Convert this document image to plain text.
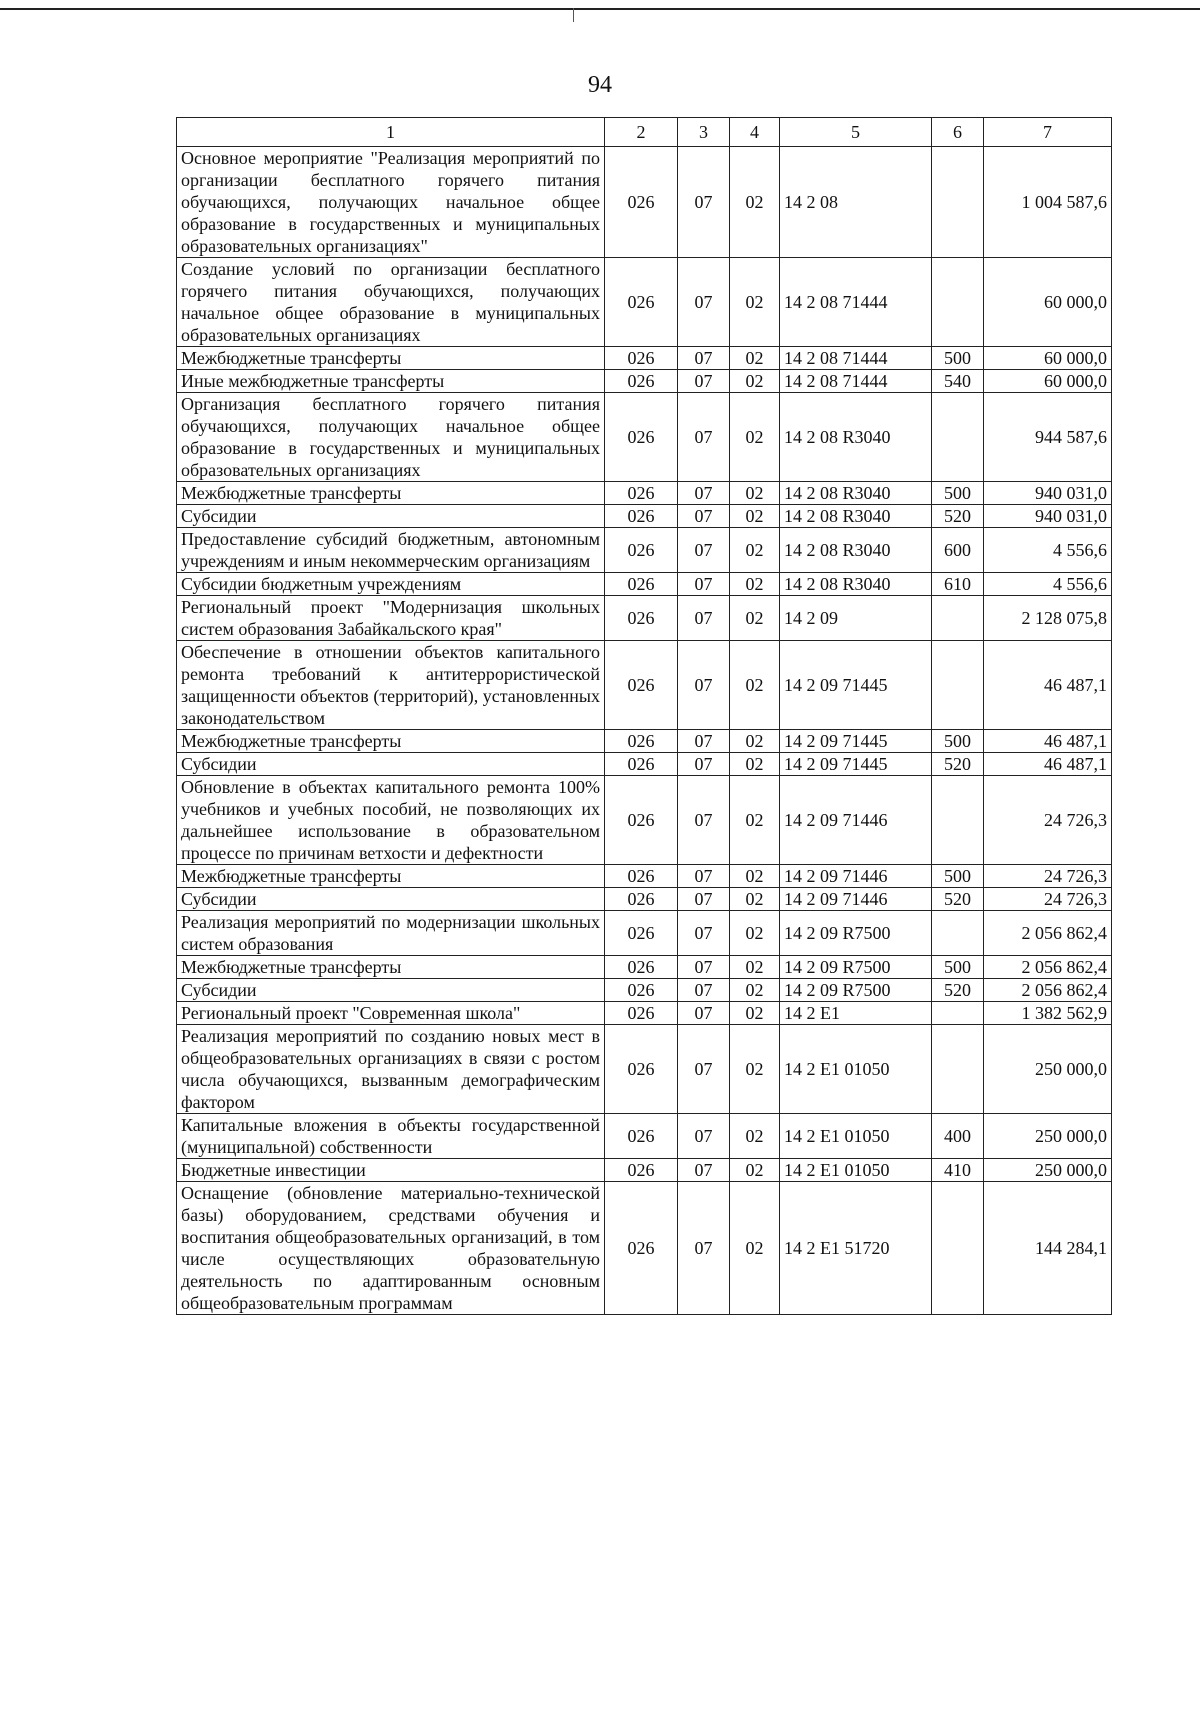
94
1	2	3	4	5	6	7
Основное мероприятие "Реализация мероприятий по организации бесплатного горячего питания обучающихся, получающих начальное общее образование в государственных и муниципальных образовательных организациях"	026	07	02	14 2 08		1 004 587,6
Создание условий по организации бесплатного горячего питания обучающихся, получающих начальное общее образование в муниципальных образовательных организациях	026	07	02	14 2 08 71444		60 000,0
Межбюджетные трансферты	026	07	02	14 2 08 71444	500	60 000,0
Иные межбюджетные трансферты	026	07	02	14 2 08 71444	540	60 000,0
Организация бесплатного горячего питания обучающихся, получающих начальное общее образование в государственных и муниципальных образовательных организациях	026	07	02	14 2 08 R3040		944 587,6
Межбюджетные трансферты	026	07	02	14 2 08 R3040	500	940 031,0
Субсидии	026	07	02	14 2 08 R3040	520	940 031,0
Предоставление субсидий бюджетным, автономным учреждениям и иным некоммерческим организациям	026	07	02	14 2 08 R3040	600	4 556,6
Субсидии бюджетным учреждениям	026	07	02	14 2 08 R3040	610	4 556,6
Региональный проект "Модернизация школьных систем образования Забайкальского края"	026	07	02	14 2 09		2 128 075,8
Обеспечение в отношении объектов капитального ремонта требований к антитеррористической защищенности объектов (территорий), установленных законодательством	026	07	02	14 2 09 71445		46 487,1
Межбюджетные трансферты	026	07	02	14 2 09 71445	500	46 487,1
Субсидии	026	07	02	14 2 09 71445	520	46 487,1
Обновление в объектах капитального ремонта 100% учебников и учебных пособий, не позволяющих их дальнейшее использование в образовательном процессе по причинам ветхости и дефектности	026	07	02	14 2 09 71446		24 726,3
Межбюджетные трансферты	026	07	02	14 2 09 71446	500	24 726,3
Субсидии	026	07	02	14 2 09 71446	520	24 726,3
Реализация мероприятий по модернизации школьных систем образования	026	07	02	14 2 09 R7500		2 056 862,4
Межбюджетные трансферты	026	07	02	14 2 09 R7500	500	2 056 862,4
Субсидии	026	07	02	14 2 09 R7500	520	2 056 862,4
Региональный проект "Современная школа"	026	07	02	14 2 E1		1 382 562,9
Реализация мероприятий по созданию новых мест в общеобразовательных организациях в связи с ростом числа обучающихся, вызванным демографическим фактором	026	07	02	14 2 E1 01050		250 000,0
Капитальные вложения в объекты государственной (муниципальной) собственности	026	07	02	14 2 E1 01050	400	250 000,0
Бюджетные инвестиции	026	07	02	14 2 E1 01050	410	250 000,0
Оснащение (обновление материально-технической базы) оборудованием, средствами обучения и воспитания общеобразовательных организаций, в том числе осуществляющих образовательную деятельность по адаптированным основным общеобразовательным программам	026	07	02	14 2 E1 51720		144 284,1
